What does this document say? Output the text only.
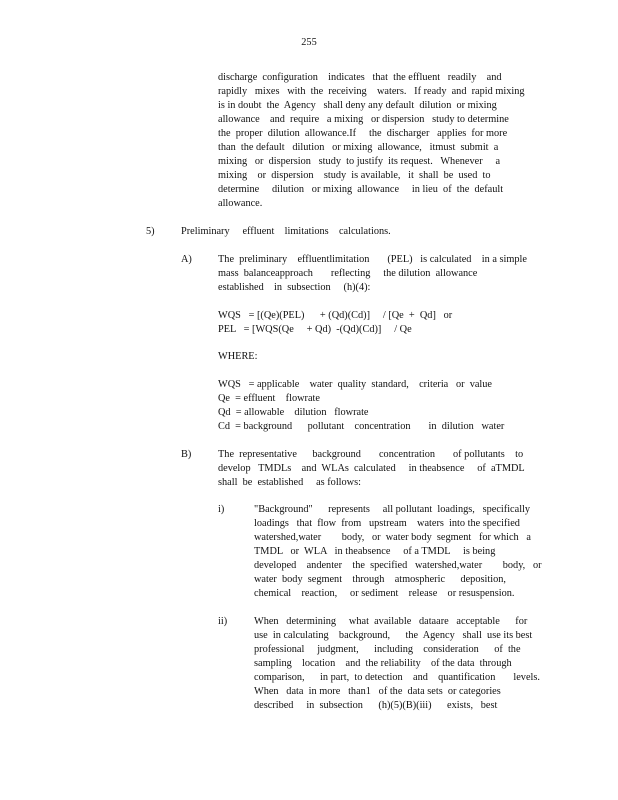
255
discharge  configuration    indicates   that  the effluent   readily    and
rapidly   mixes   with  the  receiving    waters.   If ready  and  rapid mixing
is in doubt  the  Agency   shall deny any default  dilution  or mixing
allowance    and  require   a mixing   or dispersion   study to determine
the  proper  dilution  allowance.If     the  discharger   applies  for more
than  the default   dilution   or mixing  allowance,   itmust  submit  a
mixing   or  dispersion   study  to justify  its request.   Whenever     a
mixing    or  dispersion    study  is available,   it  shall  be  used  to
determine     dilution   or mixing  allowance     in lieu  of  the  default
allowance.
5)	Preliminary     effluent    limitations    calculations.
A)	The  preliminary    effluentlimitation       (PEL)   is calculated    in a simple
mass  balanceapproach       reflecting     the dilution  allowance
established    in  subsection     (h)(4):
WQS   = [(Qe)(PEL)      + (Qd)(Cd)]     / [Qe  +  Qd]   or
PEL   = [WQS(Qe     + Qd)  -(Qd)(Cd)]     / Qe
WHERE:
WQS   = applicable    water  quality  standard,    criteria   or  value
Qe  = effluent    flowrate
Qd  = allowable    dilution   flowrate
Cd  = background      pollutant    concentration       in  dilution   water
B)	The  representative      background       concentration       of pollutants    to
develop   TMDLs    and  WLAs  calculated     in theabsence     of  aTMDL
shall  be  established     as follows:
i)	"Background"      represents     all pollutant  loadings,   specifically
loadings   that  flow  from   upstream    waters  into the specified
watershed,water        body,   or  water body  segment   for which   a
TMDL   or  WLA   in theabsence     of a TMDL     is being
developed    andenter    the  specified   watershed,water        body,   or
water  body  segment    through    atmospheric      deposition,
chemical    reaction,     or sediment    release    or resuspension.
ii)	When   determining     what  available   dataare   acceptable      for
use  in calculating    background,      the  Agency   shall  use its best
professional     judgment,      including    consideration      of  the
sampling    location    and  the reliability    of the data  through
comparison,      in part,  to detection    and    quantification       levels.
When   data  in more   than1   of the  data sets  or categories
described     in  subsection      (h)(5)(B)(iii)      exists,   best
